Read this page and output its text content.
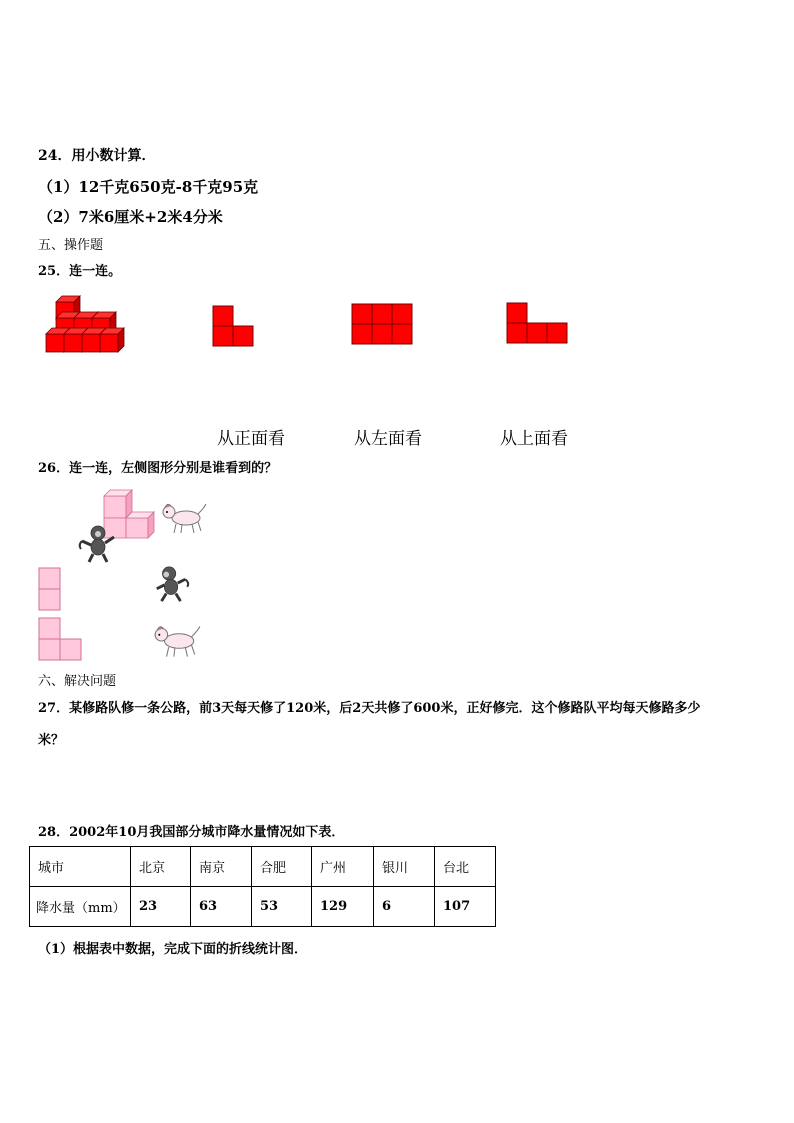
24．用小数计算．
（1）12千克650克-8千克95克
（2）7米6厘米+2米4分米
五、操作题
25．连一连。
从正面看	从左面看	从上面看
26．连一连，左侧图形分别是谁看到的？
六、解决问题
27．某修路队修一条公路，前3天每天修了120米，后2天共修了600米，正好修完．这个修路队平均每天修路多少
米？
28．2002年10月我国部分城市降水量情况如下表．
城市	北京	南京	合肥	广州	银川	台北
降水量（mm）	23	63	53	129	6	107
（1）根据表中数据，完成下面的折线统计图．
